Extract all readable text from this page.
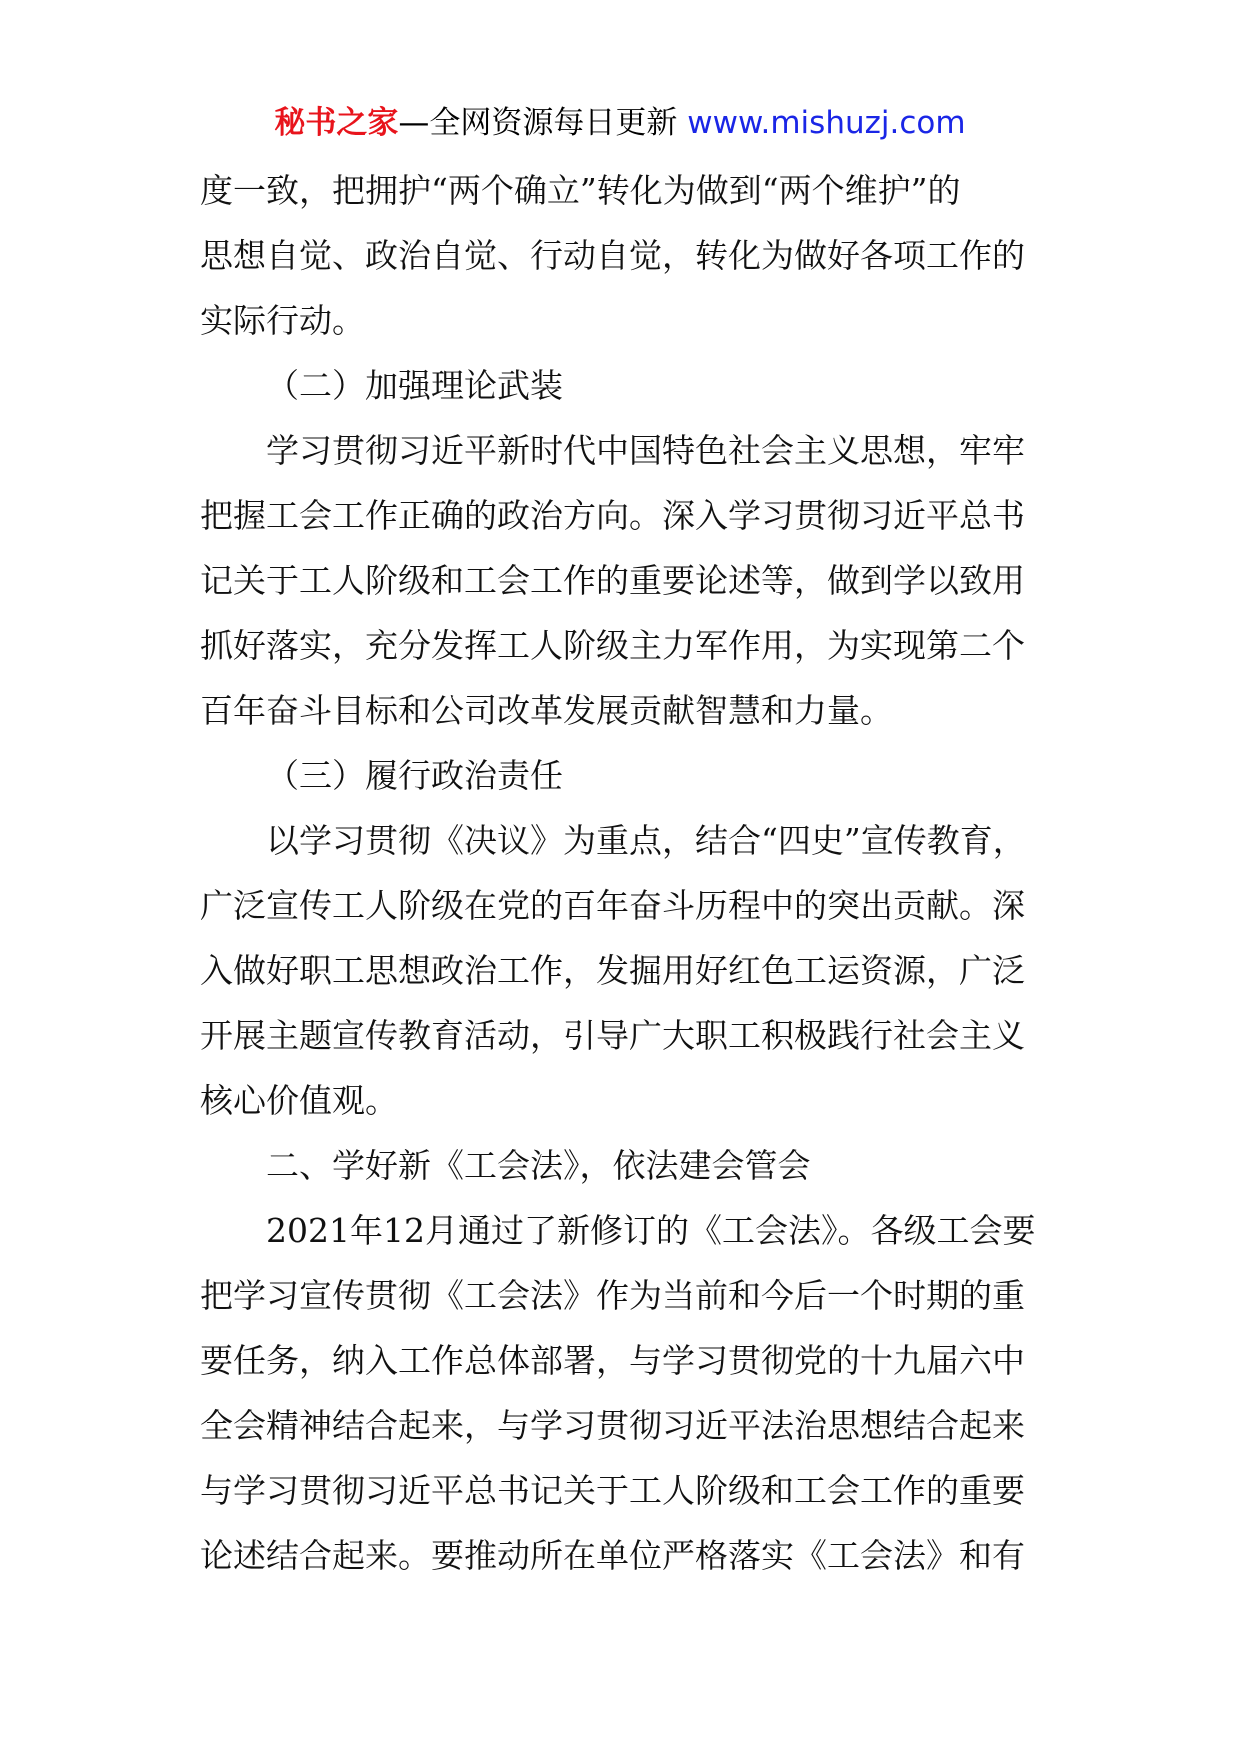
秘书之家—全网资源每日更新 www.mishuzj.com
度一致，把拥护“两个确立”转化为做到“两个维护”的
思想自觉、政治自觉、行动自觉，转化为做好各项工作的
实际行动。
（二）加强理论武装
学习贯彻习近平新时代中国特色社会主义思想，牢牢
把握工会工作正确的政治方向。深入学习贯彻习近平总书
记关于工人阶级和工会工作的重要论述等，做到学以致用
抓好落实，充分发挥工人阶级主力军作用，为实现第二个
百年奋斗目标和公司改革发展贡献智慧和力量。
（三）履行政治责任
以学习贯彻《决议》为重点，结合“四史”宣传教育，
广泛宣传工人阶级在党的百年奋斗历程中的突出贡献。深
入做好职工思想政治工作，发掘用好红色工运资源，广泛
开展主题宣传教育活动，引导广大职工积极践行社会主义
核心价值观。
二、学好新《工会法》，依法建会管会
2021年12月通过了新修订的《工会法》。各级工会要
把学习宣传贯彻《工会法》作为当前和今后一个时期的重
要任务，纳入工作总体部署，与学习贯彻党的十九届六中
全会精神结合起来，与学习贯彻习近平法治思想结合起来
与学习贯彻习近平总书记关于工人阶级和工会工作的重要
论述结合起来。要推动所在单位严格落实《工会法》和有
